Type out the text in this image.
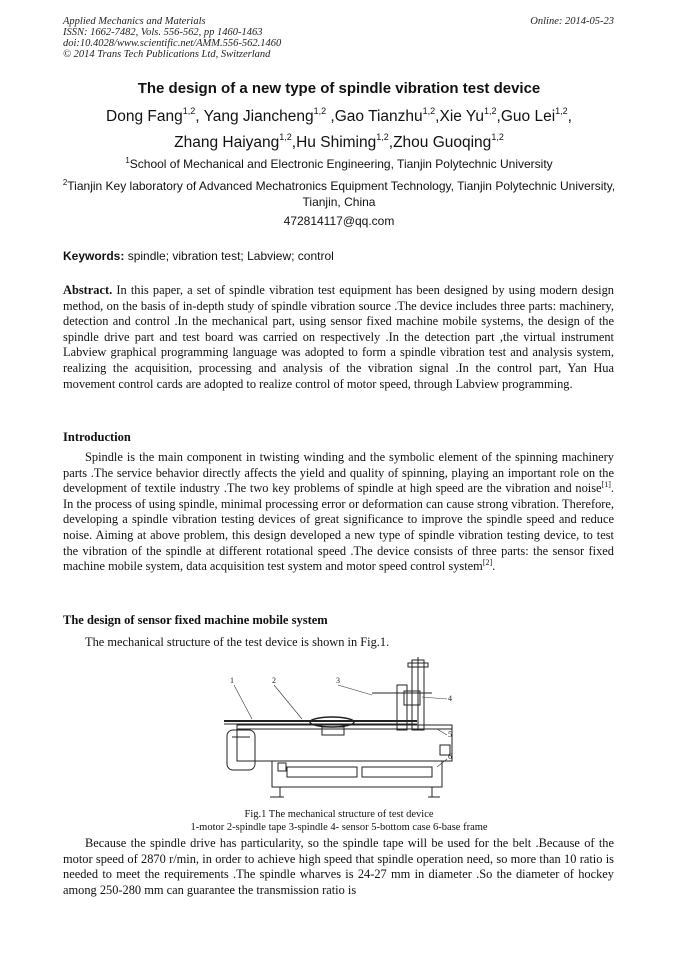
Applied Mechanics and Materials
ISSN: 1662-7482, Vols. 556-562, pp 1460-1463
doi:10.4028/www.scientific.net/AMM.556-562.1460
© 2014 Trans Tech Publications Ltd, Switzerland
Online: 2014-05-23
The design of a new type of spindle vibration test device
Dong Fang$^{1,2}$, Yang Jiancheng$^{1,2}$ ,Gao Tianzhu$^{1,2}$,Xie Yu$^{1,2}$,Guo Lei$^{1,2}$,
Zhang Haiyang$^{1,2}$,Hu Shiming$^{1,2}$,Zhou Guoqing$^{1,2}$
$^1$School of Mechanical and Electronic Engineering, Tianjin Polytechnic University
$^2$Tianjin Key laboratory of Advanced Mechatronics Equipment Technology, Tianjin Polytechnic University, Tianjin, China
472814117@qq.com
Keywords: spindle; vibration test; Labview; control
Abstract. In this paper, a set of spindle vibration test equipment has been designed by using modern design method, on the basis of in-depth study of spindle vibration source .The device includes three parts: machinery, detection and control .In the mechanical part, using sensor fixed machine mobile systems, the design of the spindle drive part and test board was carried on respectively .In the detection part ,the virtual instrument Labview graphical programming language was adopted to form a spindle vibration test and analysis system, realizing the acquisition, processing and analysis of the vibration signal .In the control part, Yan Hua movement control cards are adopted to realize control of motor speed, through Labview programming.
Introduction
Spindle is the main component in twisting winding and the symbolic element of the spinning machinery parts .The service behavior directly affects the yield and quality of spinning, playing an important role on the development of textile industry .The two key problems of spindle at high speed are the vibration and noise[1]. In the process of using spindle, minimal processing error or deformation can cause strong vibration. Therefore, developing a spindle vibration testing devices of great significance to improve the spindle speed and reduce noise. Aiming at above problem, this design developed a new type of spindle vibration testing device, to test the vibration of the spindle at different rotational speed .The device consists of three parts: the sensor fixed machine mobile system, data acquisition test system and motor speed control system[2].
The design of sensor fixed machine mobile system
The mechanical structure of the test device is shown in Fig.1.
1	2	3
4
5
6
Fig.1 The mechanical structure of test device
1-motor 2-spindle tape 3-spindle 4- sensor 5-bottom case 6-base frame
Because the spindle drive has particularity, so the spindle tape will be used for the belt .Because of the motor speed of 2870 r/min, in order to achieve high speed that spindle operation need, so more than 10 ratio is needed to meet the requirements .The spindle wharves is 24-27 mm in diameter .So the diameter of hockey among 250-280 mm can guarantee the transmission ratio is
